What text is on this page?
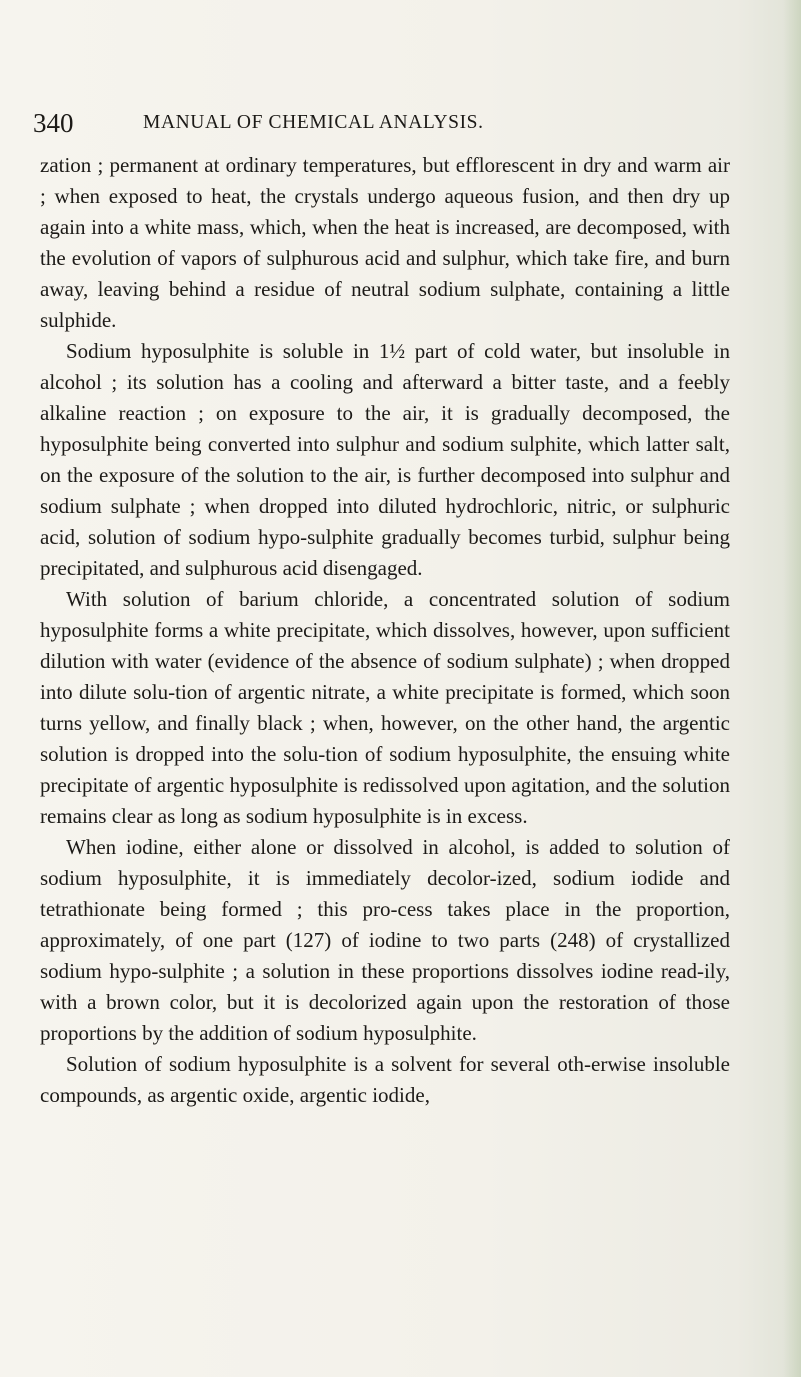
340	MANUAL OF CHEMICAL ANALYSIS.

zation ; permanent at ordinary temperatures, but efflorescent in dry and warm air ; when exposed to heat, the crystals undergo aqueous fusion, and then dry up again into a white mass, which, when the heat is increased, are decomposed, with the evolution of vapors of sulphurous acid and sulphur, which take fire, and burn away, leaving behind a residue of neutral sodium sulphate, containing a little sulphide.

Sodium hyposulphite is soluble in 1½ part of cold water, but insoluble in alcohol ; its solution has a cooling and afterward a bitter taste, and a feebly alkaline reaction ; on exposure to the air, it is gradually decomposed, the hyposulphite being converted into sulphur and sodium sulphite, which latter salt, on the exposure of the solution to the air, is further decomposed into sulphur and sodium sulphate ; when dropped into diluted hydrochloric, nitric, or sulphuric acid, solution of sodium hypo-sulphite gradually becomes turbid, sulphur being precipitated, and sulphurous acid disengaged.

With solution of barium chloride, a concentrated solution of sodium hyposulphite forms a white precipitate, which dissolves, however, upon sufficient dilution with water (evidence of the absence of sodium sulphate) ; when dropped into dilute solu-tion of argentic nitrate, a white precipitate is formed, which soon turns yellow, and finally black ; when, however, on the other hand, the argentic solution is dropped into the solu-tion of sodium hyposulphite, the ensuing white precipitate of argentic hyposulphite is redissolved upon agitation, and the solution remains clear as long as sodium hyposulphite is in excess.

When iodine, either alone or dissolved in alcohol, is added to solution of sodium hyposulphite, it is immediately decolor-ized, sodium iodide and tetrathionate being formed ; this pro-cess takes place in the proportion, approximately, of one part (127) of iodine to two parts (248) of crystallized sodium hypo-sulphite ; a solution in these proportions dissolves iodine read-ily, with a brown color, but it is decolorized again upon the restoration of those proportions by the addition of sodium hyposulphite.

Solution of sodium hyposulphite is a solvent for several oth-erwise insoluble compounds, as argentic oxide, argentic iodide,
